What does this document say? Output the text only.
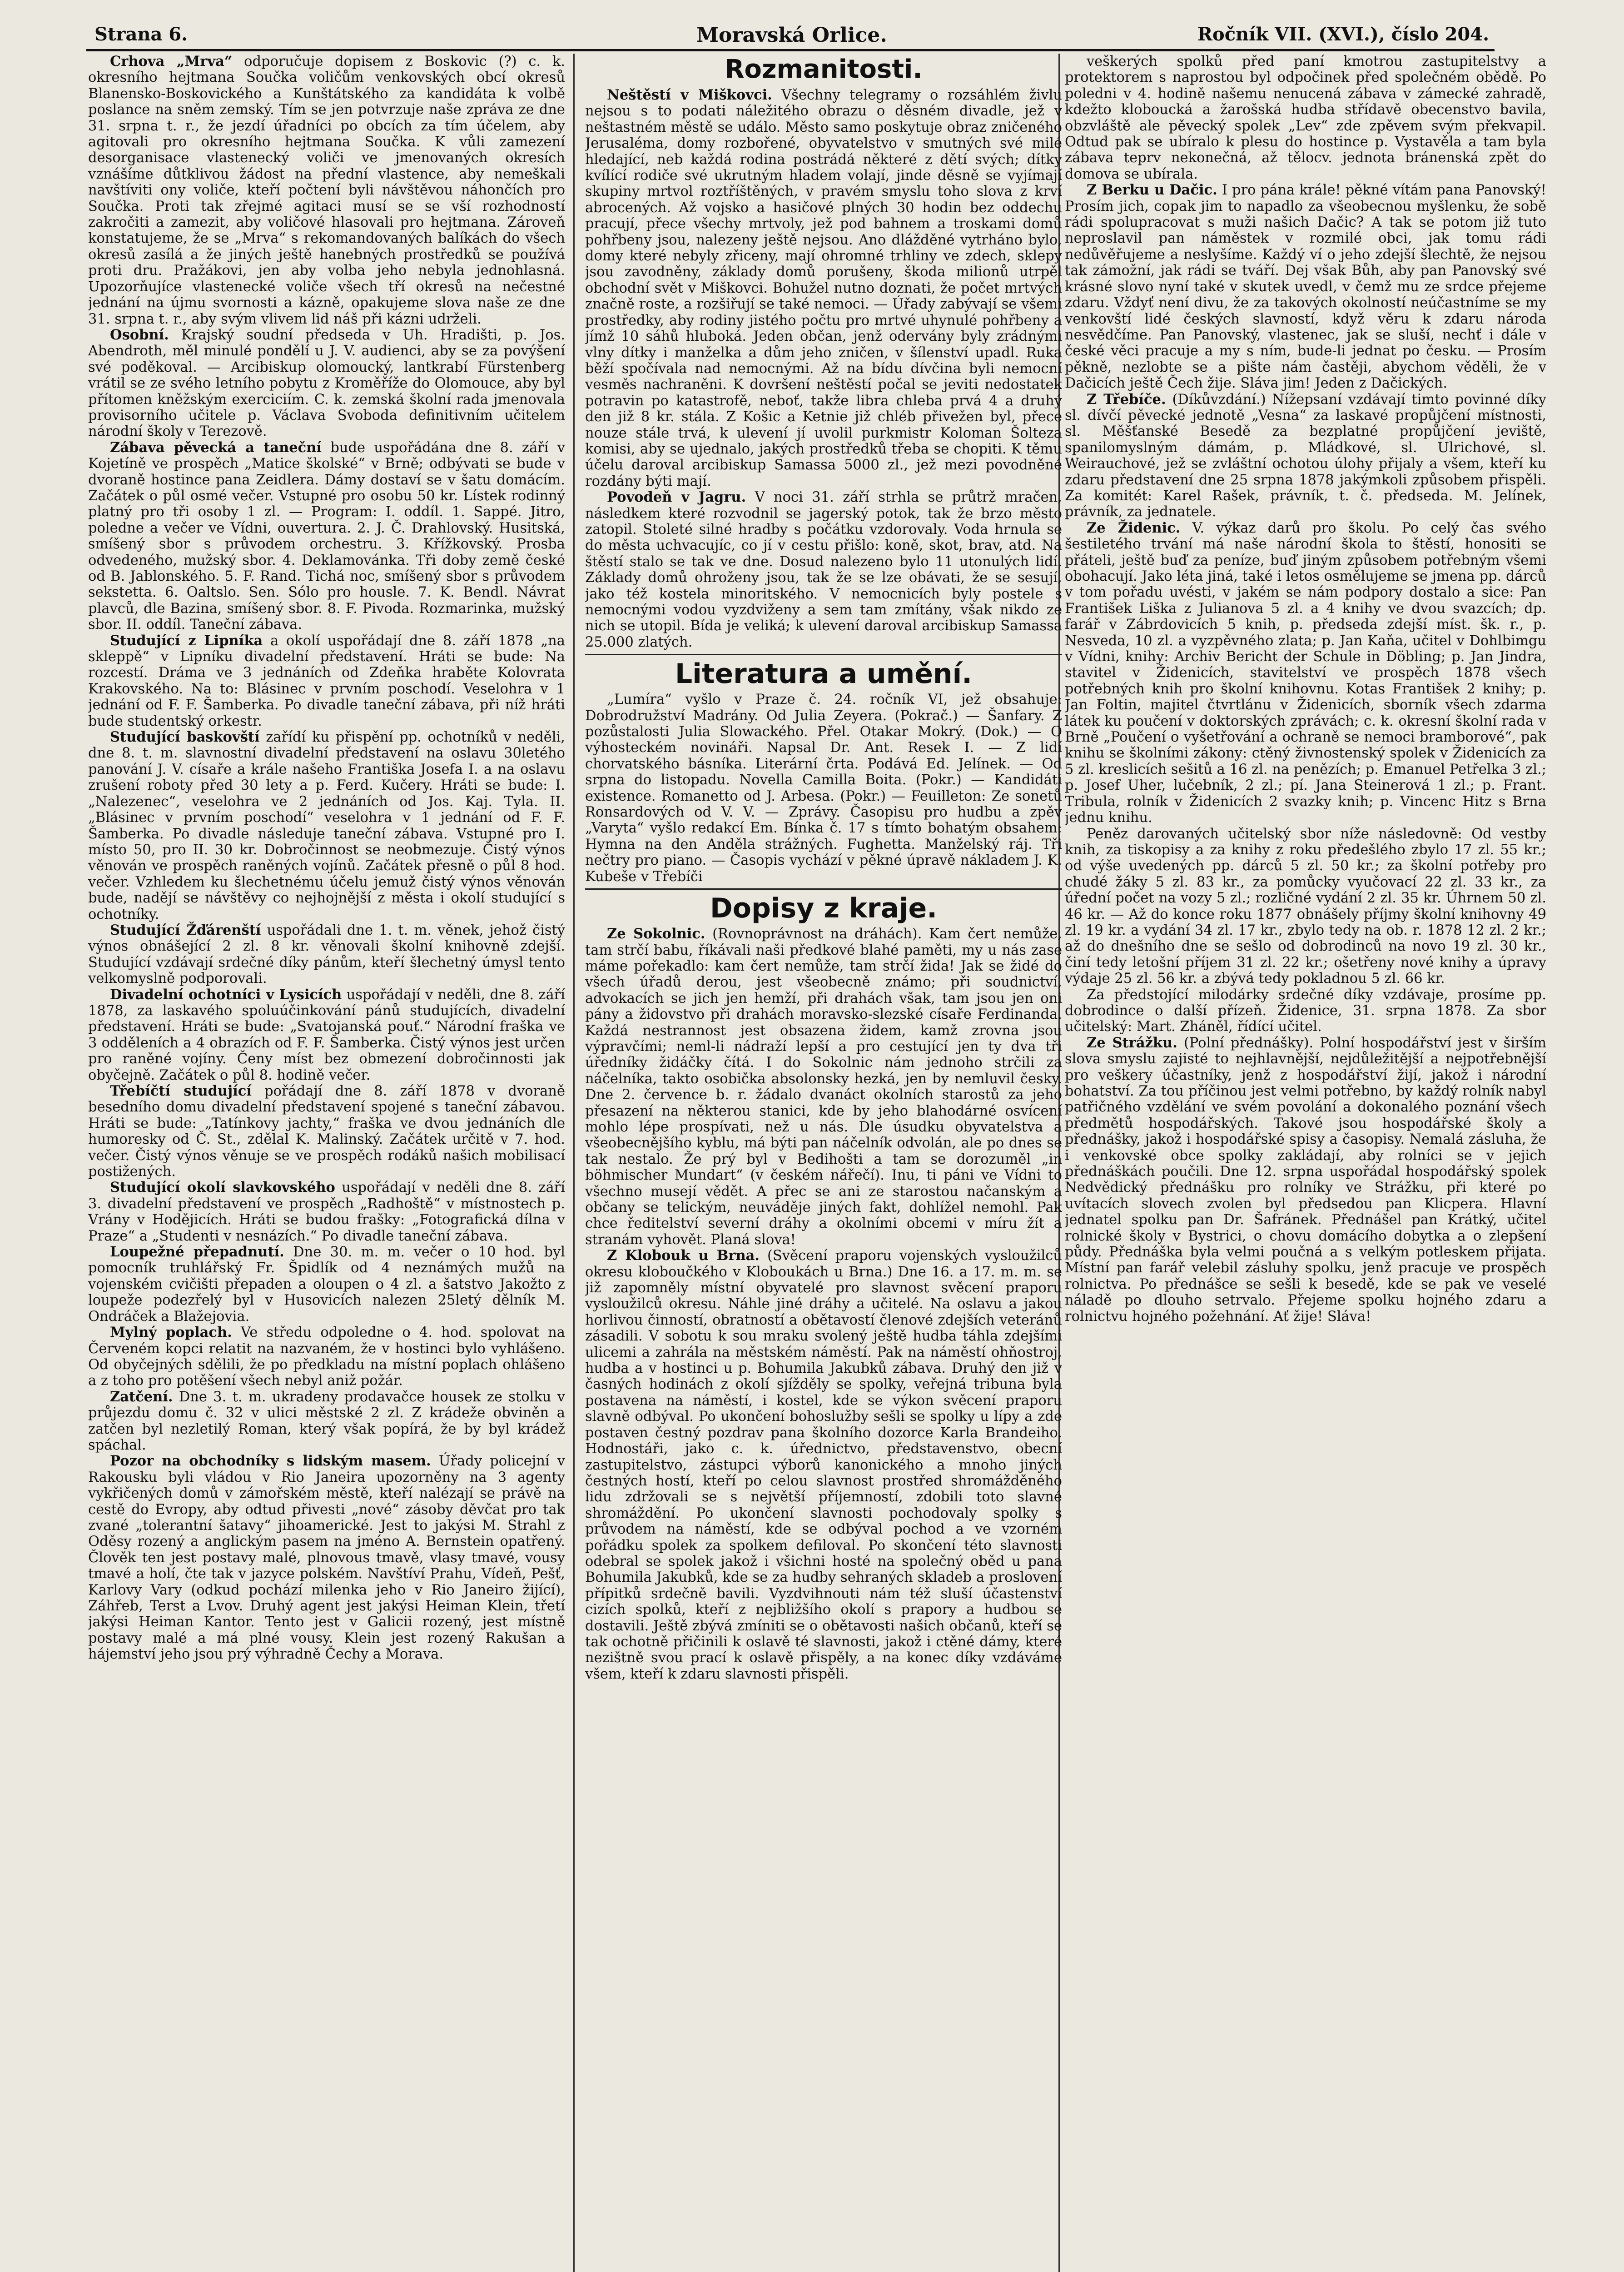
Strana 6.	Moravská Orlice.	Ročník VII. (XVI.), číslo 204.

Crhova „Mrva“ odporučuje dopisem z Boskovic (?) c. k. okresního hejtmana Součka voličům venkovských obcí okresů Blanensko-Boskovického a Kunštátského za kandidáta k volbě poslance na sněm zemský. Tím se jen potvrzuje naše zpráva ze dne 31. srpna t. r., že jezdí úřadníci po obcích za tím účelem, aby agitovali pro okresního hejtmana Součka. K vůli zamezení desorganisace vlastenecký voliči ve jmenovaných okresích vznášíme důtklivou žádost na přední vlastence, aby nemeškali navštíviti ony voliče, kteří počtení byli návštěvou náhončích pro Součka. Proti tak zřejmé agitaci musí se se vší rozhodností zakročiti a zamezit, aby voličové hlasovali pro hejtmana. Zároveň konstatujeme, že se „Mrva“ s rekomandovaných balíkách do všech okresů zasílá a že jiných ještě hanebných prostředků se používá proti dru. Pražákovi, jen aby volba jeho nebyla jednohlasná. Upozorňujíce vlastenecké voliče všech tří okresů na nečestné jednání na újmu svornosti a kázně, opakujeme slova naše ze dne 31. srpna t. r., aby svým vlivem lid náš při kázni udrželi.

Osobní. Krajský soudní předseda v Uh. Hradišti, p. Jos. Abendroth, měl minulé pondělí u J. V. audienci, aby se za povýšení své poděkoval. — Arcibiskup olomoucký, lantkrabí Fürstenberg vrátil se ze svého letního pobytu z Kroměříže do Olomouce, aby byl přítomen kněžským exerciciím. C. k. zemská školní rada jmenovala provisorního učitele p. Václava Svoboda definitivním učitelem národní školy v Terezově.

Zábava pěvecká a taneční bude uspořádána dne 8. září v Kojetíně ve prospěch „Matice školské“ v Brně; odbývati se bude v dvoraně hostince pana Zeidlera. Dámy dostaví se v šatu domácím. Začátek o půl osmé večer. Vstupné pro osobu 50 kr. Lístek rodinný platný pro tři osoby 1 zl. — Program: I. oddíl. 1. Sappé. Jitro, poledne a večer ve Vídni, ouvertura. 2. J. Č. Drahlovský. Husitská, smíšený sbor s průvodem orchestru. 3. Křížkovský. Prosba odvedeného, mužský sbor. 4. Deklamovánka. Tři doby země české od B. Jablonského. 5. F. Rand. Tichá noc, smíšený sbor s průvodem sekstetta. 6. Oaltslo. Sen. Sólo pro housle. 7. K. Bendl. Návrat plavců, dle Bazina, smíšený sbor. 8. F. Pivoda. Rozmarinka, mužský sbor. II. oddíl. Taneční zábava.

Studující z Lipníka a okolí uspořádají dne 8. září 1878 „na skleppě“ v Lipníku divadelní představení. Hráti se bude: Na rozcestí. Dráma ve 3 jednáních od Zdeňka hraběte Kolovrata Krakovského. Na to: Blásinec v prvním poschodí. Veselohra v 1 jednání od F. F. Šamberka. Po divadle taneční zábava, při níž hráti bude studentský orkestr.

Studující baskovští zařídí ku přispění pp. ochotníků v neděli, dne 8. t. m. slavnostní divadelní představení na oslavu 30letého panování J. V. císaře a krále našeho Františka Josefa I. a na oslavu zrušení roboty před 30 lety a p. Ferd. Kučery. Hráti se bude: I. „Nalezenec“, veselohra ve 2 jednáních od Jos. Kaj. Tyla. II. „Blásinec v prvním poschodí“ veselohra v 1 jednání od F. F. Šamberka. Po divadle následuje taneční zábava. Vstupné pro I. místo 50, pro II. 30 kr. Dobročinnost se neobmezuje. Čistý výnos věnován ve prospěch raněných vojínů. Začátek přesně o půl 8 hod. večer. Vzhledem ku šlechetnému účelu jemuž čistý výnos věnován bude, nadějí se návštěvy co nejhojnější z města i okolí studující s ochotníky.

Studující Žďárenští uspořádali dne 1. t. m. věnek, jehož čistý výnos obnášející 2 zl. 8 kr. věnovali školní knihovně zdejší. Studující vzdávají srdečné díky pánům, kteří šlechetný úmysl tento velkomyslně podporovali.

Divadelní ochotníci v Lysicích uspořádají v neděli, dne 8. září 1878, za laskavého spoluúčinkování pánů studujících, divadelní představení. Hráti se bude: „Svatojanská pouť.“ Národní fraška ve 3 odděleních a 4 obrazích od F. F. Šamberka. Čistý výnos jest určen pro raněné vojíny. Čeny míst bez obmezení dobročinnosti jak obyčejně. Začátek o půl 8. hodině večer.

Třebíčtí studující pořádají dne 8. září 1878 v dvoraně besedního domu divadelní představení spojené s taneční zábavou. Hráti se bude: „Tatínkovy jachty,“ fraška ve dvou jednáních dle humoresky od Č. St., zdělal K. Malinský. Začátek určitě v 7. hod. večer. Čistý výnos věnuje se ve prospěch rodáků našich mobilisací postižených.

Studující okolí slavkovského uspořádají v neděli dne 8. září 3. divadelní představení ve prospěch „Radhoště“ v místnostech p. Vrány v Hodějicích. Hráti se budou frašky: „Fotografická dílna v Praze“ a „Studenti v nesnázích.“ Po divadle taneční zábava.

Loupežné přepadnutí. Dne 30. m. m. večer o 10 hod. byl pomocník truhlářský Fr. Špidlík od 4 neznámých mužů na vojenském cvičišti přepaden a oloupen o 4 zl. a šatstvo Jakožto z loupeže podezřelý byl v Husovicích nalezen 25letý dělník M. Ondráček a Blažejovia.

Mylný poplach. Ve středu odpoledne o 4. hod. spolovat na Červeném kopci relatit na nazvaném, že v hostinci bylo vyhlášeno. Od obyčejných sdělili, že po předkladu na místní poplach ohlášeno a z toho pro potěšení všech nebyl aniž požár.

Zatčení. Dne 3. t. m. ukradeny prodavačce housek ze stolku v průjezdu domu č. 32 v ulici městské 2 zl. Z krádeže obviněn a zatčen byl nezletilý Roman, který však popírá, že by byl krádež spáchal.

Pozor na obchodníky s lidským masem. Úřady policejní v Rakousku byli vládou v Rio Janeira upozorněny na 3 agenty vykřičených domů v zámořském městě, kteří nalézají se právě na cestě do Evropy, aby odtud přivesti „nové“ zásoby děvčat pro tak zvané „tolerantní šatavy“ jihoamerické. Jest to jakýsi M. Strahl z Oděsy rozený a anglickým pasem na jméno A. Bernstein opatřený. Člověk ten jest postavy malé, plnovous tmavě, vlasy tmavé, vousy tmavé a holí, čte tak v jazyce polském. Navštíví Prahu, Vídeň, Pešť, Karlovy Vary (odkud pochází milenka jeho v Rio Janeiro žijící), Záhřeb, Terst a Lvov. Druhý agent jest jakýsi Heiman Klein, třetí jakýsi Heiman Kantor. Tento jest v Galicii rozený, jest místně postavy malé a má plné vousy. Klein jest rozený Rakušan a hájemství jeho jsou prý výhradně Čechy a Morava.

Rozmanitosti.

Neštěstí v Miškovci. Všechny telegramy o rozsáhlém živlu nejsou s to podati náležitého obrazu o děsném divadle, jež v neštastném městě se událo. Město samo poskytuje obraz zničeného Jerusaléma, domy rozbořené, obyvatelstvo v smutných své milé hledající, neb každá rodina postrádá některé z dětí svých; dítky kvílící rodiče své ukrutným hladem volají, jinde děsně se vyjímají skupiny mrtvol roztříštěných, v pravém smyslu toho slova z krví abrocených. Až vojsko a hasičové plných 30 hodin bez oddechu pracují, přece všechy mrtvoly, jež pod bahnem a troskami domů pohřbeny jsou, nalezeny ještě nejsou. Ano dlážděné vytrháno bylo, domy které nebyly zřiceny, mají ohromné trhliny ve zdech, sklepy jsou zavodněny, základy domů porušeny, škoda milionů utrpěl obchodní svět v Miškovci. Bohužel nutno doznati, že počet mrtvých značně roste, a rozšiřují se také nemoci. — Úřady zabývají se všemi prostředky, aby rodiny jistého počtu pro mrtvé uhynulé pohřbeny a jímž 10 sáhů hluboká. Jeden občan, jenž odervány byly zrádnými vlny dítky i manželka a dům jeho zničen, v šílenství upadl. Ruka běží spočívala nad nemocnými. Až na bídu dívčina byli nemocní vesměs nachraněni. K dovršení neštěstí počal se jeviti nedostatek potravin po katastrofě, neboť, takže libra chleba prvá 4 a druhý den již 8 kr. stála. Z Košic a Ketnie již chléb přivežen byl, přece nouze stále trvá, k ulevení jí uvolil purkmistr Koloman Šolteza komisi, aby se ujednalo, jakých prostředků třeba se chopiti. K těmu účelu daroval arcibiskup Samassa 5000 zl., jež mezi povodněné rozdány býti mají.

Povodeň v Jagru. V noci 31. září strhla se průtrž mračen, následkem které rozvodnil se jagerský potok, tak že brzo město zatopil. Stoleté silné hradby s počátku vzdorovaly. Voda hrnula se do města uchvacujíc, co jí v cestu přišlo: koně, skot, brav, atd. Na štěstí stalo se tak ve dne. Dosud nalezeno bylo 11 utonulých lidí. Základy domů ohroženy jsou, tak že se lze obávati, že se sesují, jako též kostela minoritského. V nemocnicích byly postele s nemocnými vodou vyzdviženy a sem tam zmítány, však nikdo ze nich se utopil. Bída je veliká; k ulevení daroval arcibiskup Samassa 25.000 zlatých.

Literatura a umění.

„Lumíra“ vyšlo v Praze č. 24. ročník VI, jež obsahuje: Dobrodružství Madrány. Od Julia Zeyera. (Pokrač.) — Šanfary. Z pozůstalosti Julia Slowackého. Přel. Otakar Mokrý. (Dok.) — O výhosteckém novináři. Napsal Dr. Ant. Resek I. — Z lidí chorvatského básníka. Literární črta. Podává Ed. Jelínek. — Od srpna do listopadu. Novella Camilla Boita. (Pokr.) — Kandidáti existence. Romanetto od J. Arbesa. (Pokr.) — Feuilleton: Ze sonetů Ronsardových od V. V. — Zprávy. Časopisu pro hudbu a zpěv „Varyta“ vyšlo redakcí Em. Bínka č. 17 s tímto bohatým obsahem: Hymna na den Anděla strážných. Fughetta. Manželský ráj. Tři nečtry pro piano. — Časopis vychází v pěkné úpravě nákladem J. K. Kubeše v Třebíči

Dopisy z kraje.

Ze Sokolnic. (Rovnoprávnost na dráhách). Kam čert nemůže, tam strčí babu, říkávali naši předkové blahé paměti, my u nás zase máme pořekadlo: kam čert nemůže, tam strčí žida! Jak se židé do všech úřadů derou, jest všeobecně známo; při soudnictví, advokacích se jich jen hemží, při drahách však, tam jsou jen oni pány a židovstvo při drahách moravsko-slezské císaře Ferdinanda. Každá nestrannost jest obsazena židem, kamž zrovna jsou výpravčími; neml-li nádraží lepší a pro cestující jen ty dva tři úředníky židáčky čítá. I do Sokolnic nám jednoho strčili za náčelníka, takto osobička absolonsky hezká, jen by nemluvil česky. Dne 2. července b. r. žádalo dvanáct okolních starostů za jeho přesazení na některou stanici, kde by jeho blahodárné osvícení mohlo lépe prospívati, než u nás. Dle úsudku obyvatelstva a všeobecnějšího kyblu, má býti pan náčelník odvolán, ale po dnes se tak nestalo. Že prý byl v Bedihošti a tam se dorozuměl „in böhmischer Mundart“ (v českém nářečí). Inu, ti páni ve Vídni to všechno musejí vědět. A přec se ani ze starostou načanským a občany se telickým, neuváděje jiných fakt, dohlížel nemohl. Pak chce ředitelství severní dráhy a okolními obcemi v míru žít a stranám vyhovět. Planá slova!

Z Klobouk u Brna. (Svěcení praporu vojenských vysloužilců okresu kloboučkého v Kloboukách u Brna.) Dne 16. a 17. m. m. se již zapomněly místní obyvatelé pro slavnost svěcení praporu vysloužilců okresu. Náhle jiné dráhy a učitelé. Na oslavu a jakou horlivou činností, obratností a obětavostí členové zdejších veteránů zásadili. V sobotu k sou mraku svolený ještě hudba táhla zdejšími ulicemi a zahrála na městském náměstí. Pak na náměstí ohňostroj, hudba a v hostinci u p. Bohumila Jakubků zábava. Druhý den již v časných hodinách z okolí sjížděly se spolky, veřejná tribuna byla postavena na náměstí, i kostel, kde se výkon svěcení praporu slavně odbýval. Po ukončení bohoslužby sešli se spolky u lípy a zde postaven čestný pozdrav pana školního dozorce Karla Brandeiho. Hodnostáři, jako c. k. úřednictvo, představenstvo, obecní zastupitelstvo, zástupci výborů kanonického a mnoho jiných čestných hostí, kteří po celou slavnost prostřed shromážděného lidu zdržovali se s největší příjemností, zdobili toto slavné shromáždění. Po ukončení slavnosti pochodovaly spolky s průvodem na náměstí, kde se odbýval pochod a ve vzorném pořádku spolek za spolkem defiloval. Po skončení této slavnosti odebral se spolek jakož i všichni hosté na společný oběd u pana Bohumila Jakubků, kde se za hudby sehraných skladeb a proslovení přípitků srdečně bavili. Vyzdvihnouti nám též sluší účastenství cizích spolků, kteří z nejbližšího okolí s prapory a hudbou se dostavili. Ještě zbývá zmíniti se o obětavosti našich občanů, kteří se tak ochotně přičinili k oslavě té slavnosti, jakož i ctěné dámy, které nezištně svou prací k oslavě přispěly, a na konec díky vzdáváme všem, kteří k zdaru slavnosti přispěli.

veškerých spolků před paní kmotrou zastupitelstvy a protektorem s naprostou byl odpočinek před společném obědě. Po poledni v 4. hodině našemu nenucená zábava v zámecké zahradě, kdežto kloboucká a žarošská hudba střídavě obecenstvo bavila, obzvláště ale pěvecký spolek „Lev“ zde zpěvem svým překvapil. Odtud pak se ubíralo k plesu do hostince p. Vystavěla a tam byla zábava teprv nekonečná, až tělocv. jednota bránenská zpět do domova se ubírala.

Z Berku u Dačic. I pro pána krále! pěkné vítám pana Panovský! Prosím jich, copak jim to napadlo za všeobecnou myšlenku, že sobě rádi spolupracovat s muži našich Dačic? A tak se potom již tuto neproslavil pan náměstek v rozmilé obci, jak tomu rádi nedůvěřujeme a neslyšíme. Každý ví o jeho zdejší šlechtě, že nejsou tak zámožní, jak rádi se tváří. Dej však Bůh, aby pan Panovský své krásné slovo nyní také v skutek uvedl, v čemž mu ze srdce přejeme zdaru. Vždyť není divu, že za takových okolností neúčastníme se my venkovští lidé českých slavností, když věru k zdaru národa nesvědčíme. Pan Panovský, vlastenec, jak se sluší, nechť i dále v české věci pracuje a my s ním, bude-li jednat po česku. — Prosím pěkně, nezlobte se a pište nám častěji, abychom věděli, že v Dačicích ještě Čech žije. Sláva jim! Jeden z Dačických.

Z Třebíče. (Díkůvzdání.) Nížepsaní vzdávají timto povinné díky sl. dívčí pěvecké jednotě „Vesna“ za laskavé propůjčení místnosti, sl. Měšťanské Besedě za bezplatné propůjčení jeviště, spanilomyslným dámám, p. Mládkové, sl. Ulrichové, sl. Weirauchové, jež se zvláštní ochotou úlohy přijaly a všem, kteří ku zdaru představení dne 25 srpna 1878 jakýmkoli způsobem přispěli. Za komitét: Karel Rašek, právník, t. č. předseda. M. Jelínek, právník, za jednatele.

Ze Židenic. V. výkaz darů pro školu. Po celý čas svého šestiletého trvání má naše národní škola to štěstí, honositi se přáteli, ještě buď za peníze, buď jiným způsobem potřebným všemi obohacují. Jako léta jiná, také i letos osmělujeme se jmena pp. dárců v tom pořadu uvésti, v jakém se nám podpory dostalo a sice: Pan František Liška z Julianova 5 zl. a 4 knihy ve dvou svazcích; dp. farář v Zábrdovicích 5 knih, p. předseda zdejší míst. šk. r., p. Nesveda, 10 zl. a vyzpěvného zlata; p. Jan Kaňa, učitel v Dohlbimgu v Vídni, knihy: Archiv Bericht der Schule in Döbling; p. Jan Jindra, stavitel v Židenicích, stavitelství ve prospěch 1878 všech potřebných knih pro školní knihovnu. Kotas František 2 knihy; p. Jan Foltin, majitel čtvrtlánu v Židenicích, sborník všech zdarma látek ku poučení v doktorských zprávách; c. k. okresní školní rada v Brně „Poučení o vyšetřování a ochraně se nemoci bramborové“, pak knihu se školními zákony: ctěný živnostenský spolek v Židenicích za 5 zl. kreslicích sešitů a 16 zl. na penězích; p. Emanuel Petřelka 3 zl.; p. Josef Uher, lučebník, 2 zl.; pí. Jana Steinerová 1 zl.; p. Frant. Tribula, rolník v Židenicích 2 svazky knih; p. Vincenc Hitz s Brna jednu knihu.

Peněz darovaných učitelský sbor níže následovně: Od vestby knih, za tiskopisy a za knihy z roku předešlého zbylo 17 zl. 55 kr.; od výše uvedených pp. dárců 5 zl. 50 kr.; za školní potřeby pro chudé žáky 5 zl. 83 kr., za pomůcky vyučovací 22 zl. 33 kr., za úřední počet na vozy 5 zl.; rozličné vydání 2 zl. 35 kr. Úhrnem 50 zl. 46 kr. — Až do konce roku 1877 obnášely příjmy školní knihovny 49 zl. 19 kr. a vydání 34 zl. 17 kr., zbylo tedy na ob. r. 1878 12 zl. 2 kr.; až do dnešního dne se sešlo od dobrodinců na novo 19 zl. 30 kr., činí tedy letošní příjem 31 zl. 22 kr.; ošetřeny nové knihy a úpravy výdaje 25 zl. 56 kr. a zbývá tedy pokladnou 5 zl. 66 kr.

Za předstojící milodárky srdečné díky vzdávaje, prosíme pp. dobrodince o další přízeň. Židenice, 31. srpna 1878. Za sbor učitelský: Mart. Zháněl, řídící učitel.

Ze Strážku. (Polní přednášky). Polní hospodářství jest v širším slova smyslu zajisté to nejhlavnější, nejdůležitější a nejpotřebnější pro veškery účastníky, jenž z hospodářství žijí, jakož i národní bohatství. Za tou příčinou jest velmi potřebno, by každý rolník nabyl patřičného vzdělání ve svém povolání a dokonalého poznání všech předmětů hospodářských. Takové jsou hospodářské školy a přednášky, jakož i hospodářské spisy a časopisy. Nemalá zásluha, že i venkovské obce spolky zakládají, aby rolníci se v jejich přednáškách poučili. Dne 12. srpna uspořádal hospodářský spolek Nedvědický přednášku pro rolníky ve Strážku, při které po uvítacích slovech zvolen byl předsedou pan Klicpera. Hlavní jednatel spolku pan Dr. Šafránek. Přednášel pan Krátký, učitel rolnické školy v Bystrici, o chovu domácího dobytka a o zlepšení půdy. Přednáška byla velmi poučná a s velkým potleskem přijata. Místní pan farář velebil zásluhy spolku, jenž pracuje ve prospěch rolnictva. Po přednášce se sešli k besedě, kde se pak ve veselé náladě po dlouho setrvalo. Přejeme spolku hojného zdaru a rolnictvu hojného požehnání. Ať žije! Sláva!
